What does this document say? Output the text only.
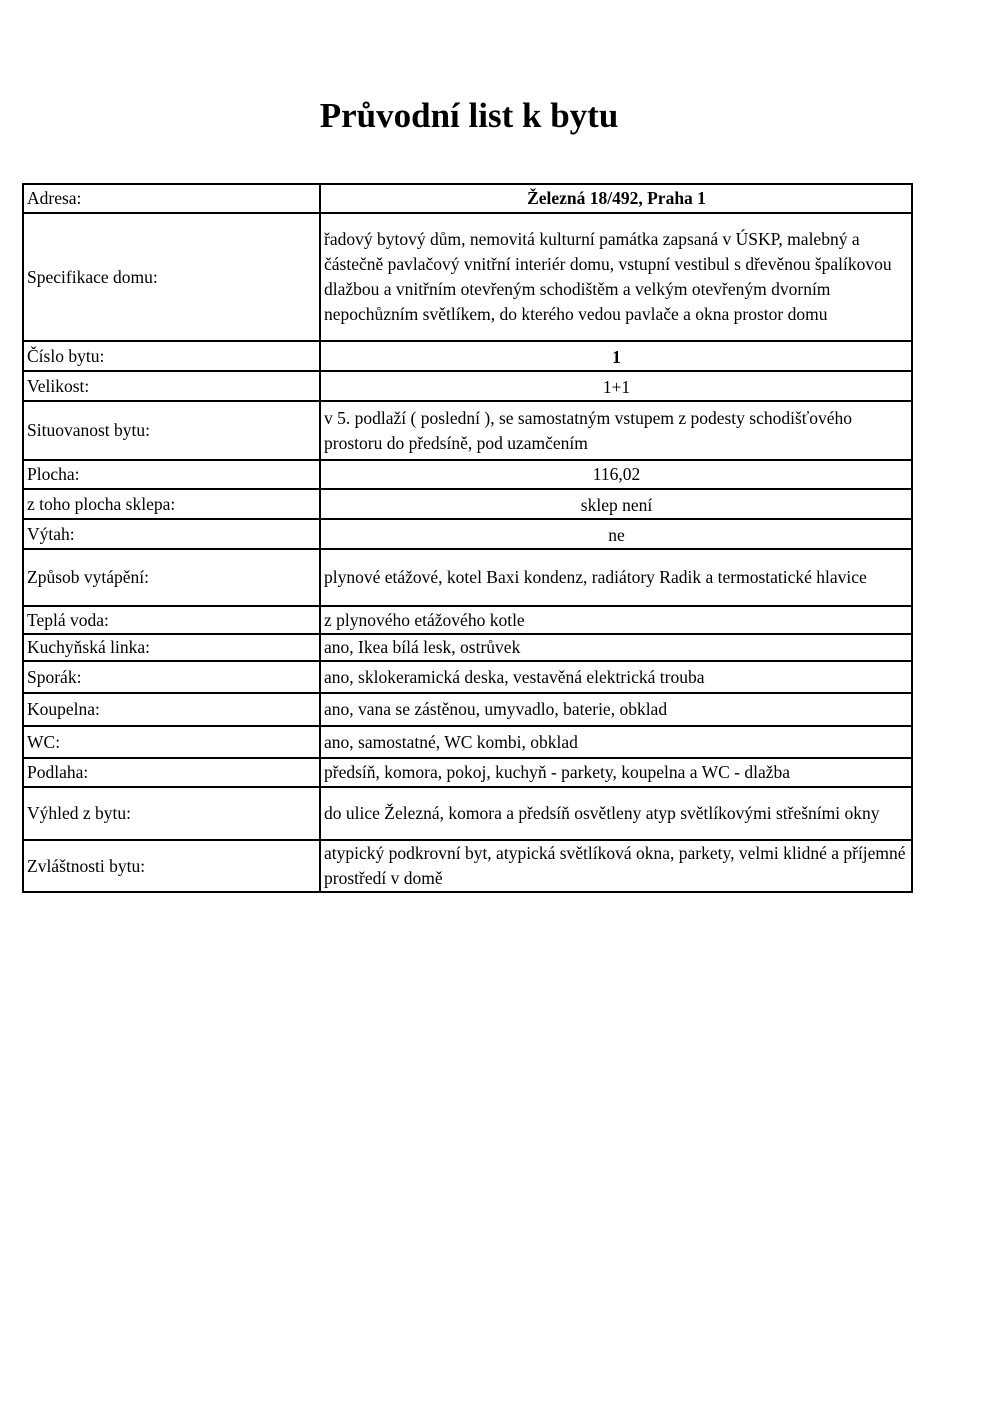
Průvodní list k bytu
Adresa:	Železná 18/492, Praha 1
Specifikace domu:	řadový bytový dům, nemovitá kulturní památka zapsaná v ÚSKP, malebný a částečně pavlačový vnitřní interiér domu, vstupní vestibul s dřevěnou špalíkovou dlažbou a vnitřním otevřeným schodištěm a velkým otevřeným dvorním nepochůzním světlíkem, do kterého vedou pavlače a okna prostor domu
Číslo bytu:	1
Velikost:	1+1
Situovanost bytu:	v 5. podlaží ( poslední ), se samostatným vstupem z podesty schodišťového prostoru do předsíně, pod uzamčením
Plocha:	116,02
z toho plocha sklepa:	sklep není
Výtah:	ne
Způsob vytápění:	plynové etážové, kotel Baxi kondenz, radiátory Radik a termostatické hlavice
Teplá voda:	z plynového etážového kotle
Kuchyňská linka:	ano, Ikea bílá lesk, ostrůvek
Sporák:	ano, sklokeramická deska, vestavěná elektrická trouba
Koupelna:	ano, vana se zástěnou, umyvadlo, baterie, obklad
WC:	ano, samostatné, WC kombi, obklad
Podlaha:	předsíň, komora, pokoj, kuchyň - parkety, koupelna a WC - dlažba
Výhled z bytu:	do ulice Železná, komora a předsíň osvětleny atyp světlíkovými střešními okny
Zvláštnosti bytu:	atypický podkrovní byt, atypická světlíková okna, parkety, velmi klidné a příjemné prostředí v domě
